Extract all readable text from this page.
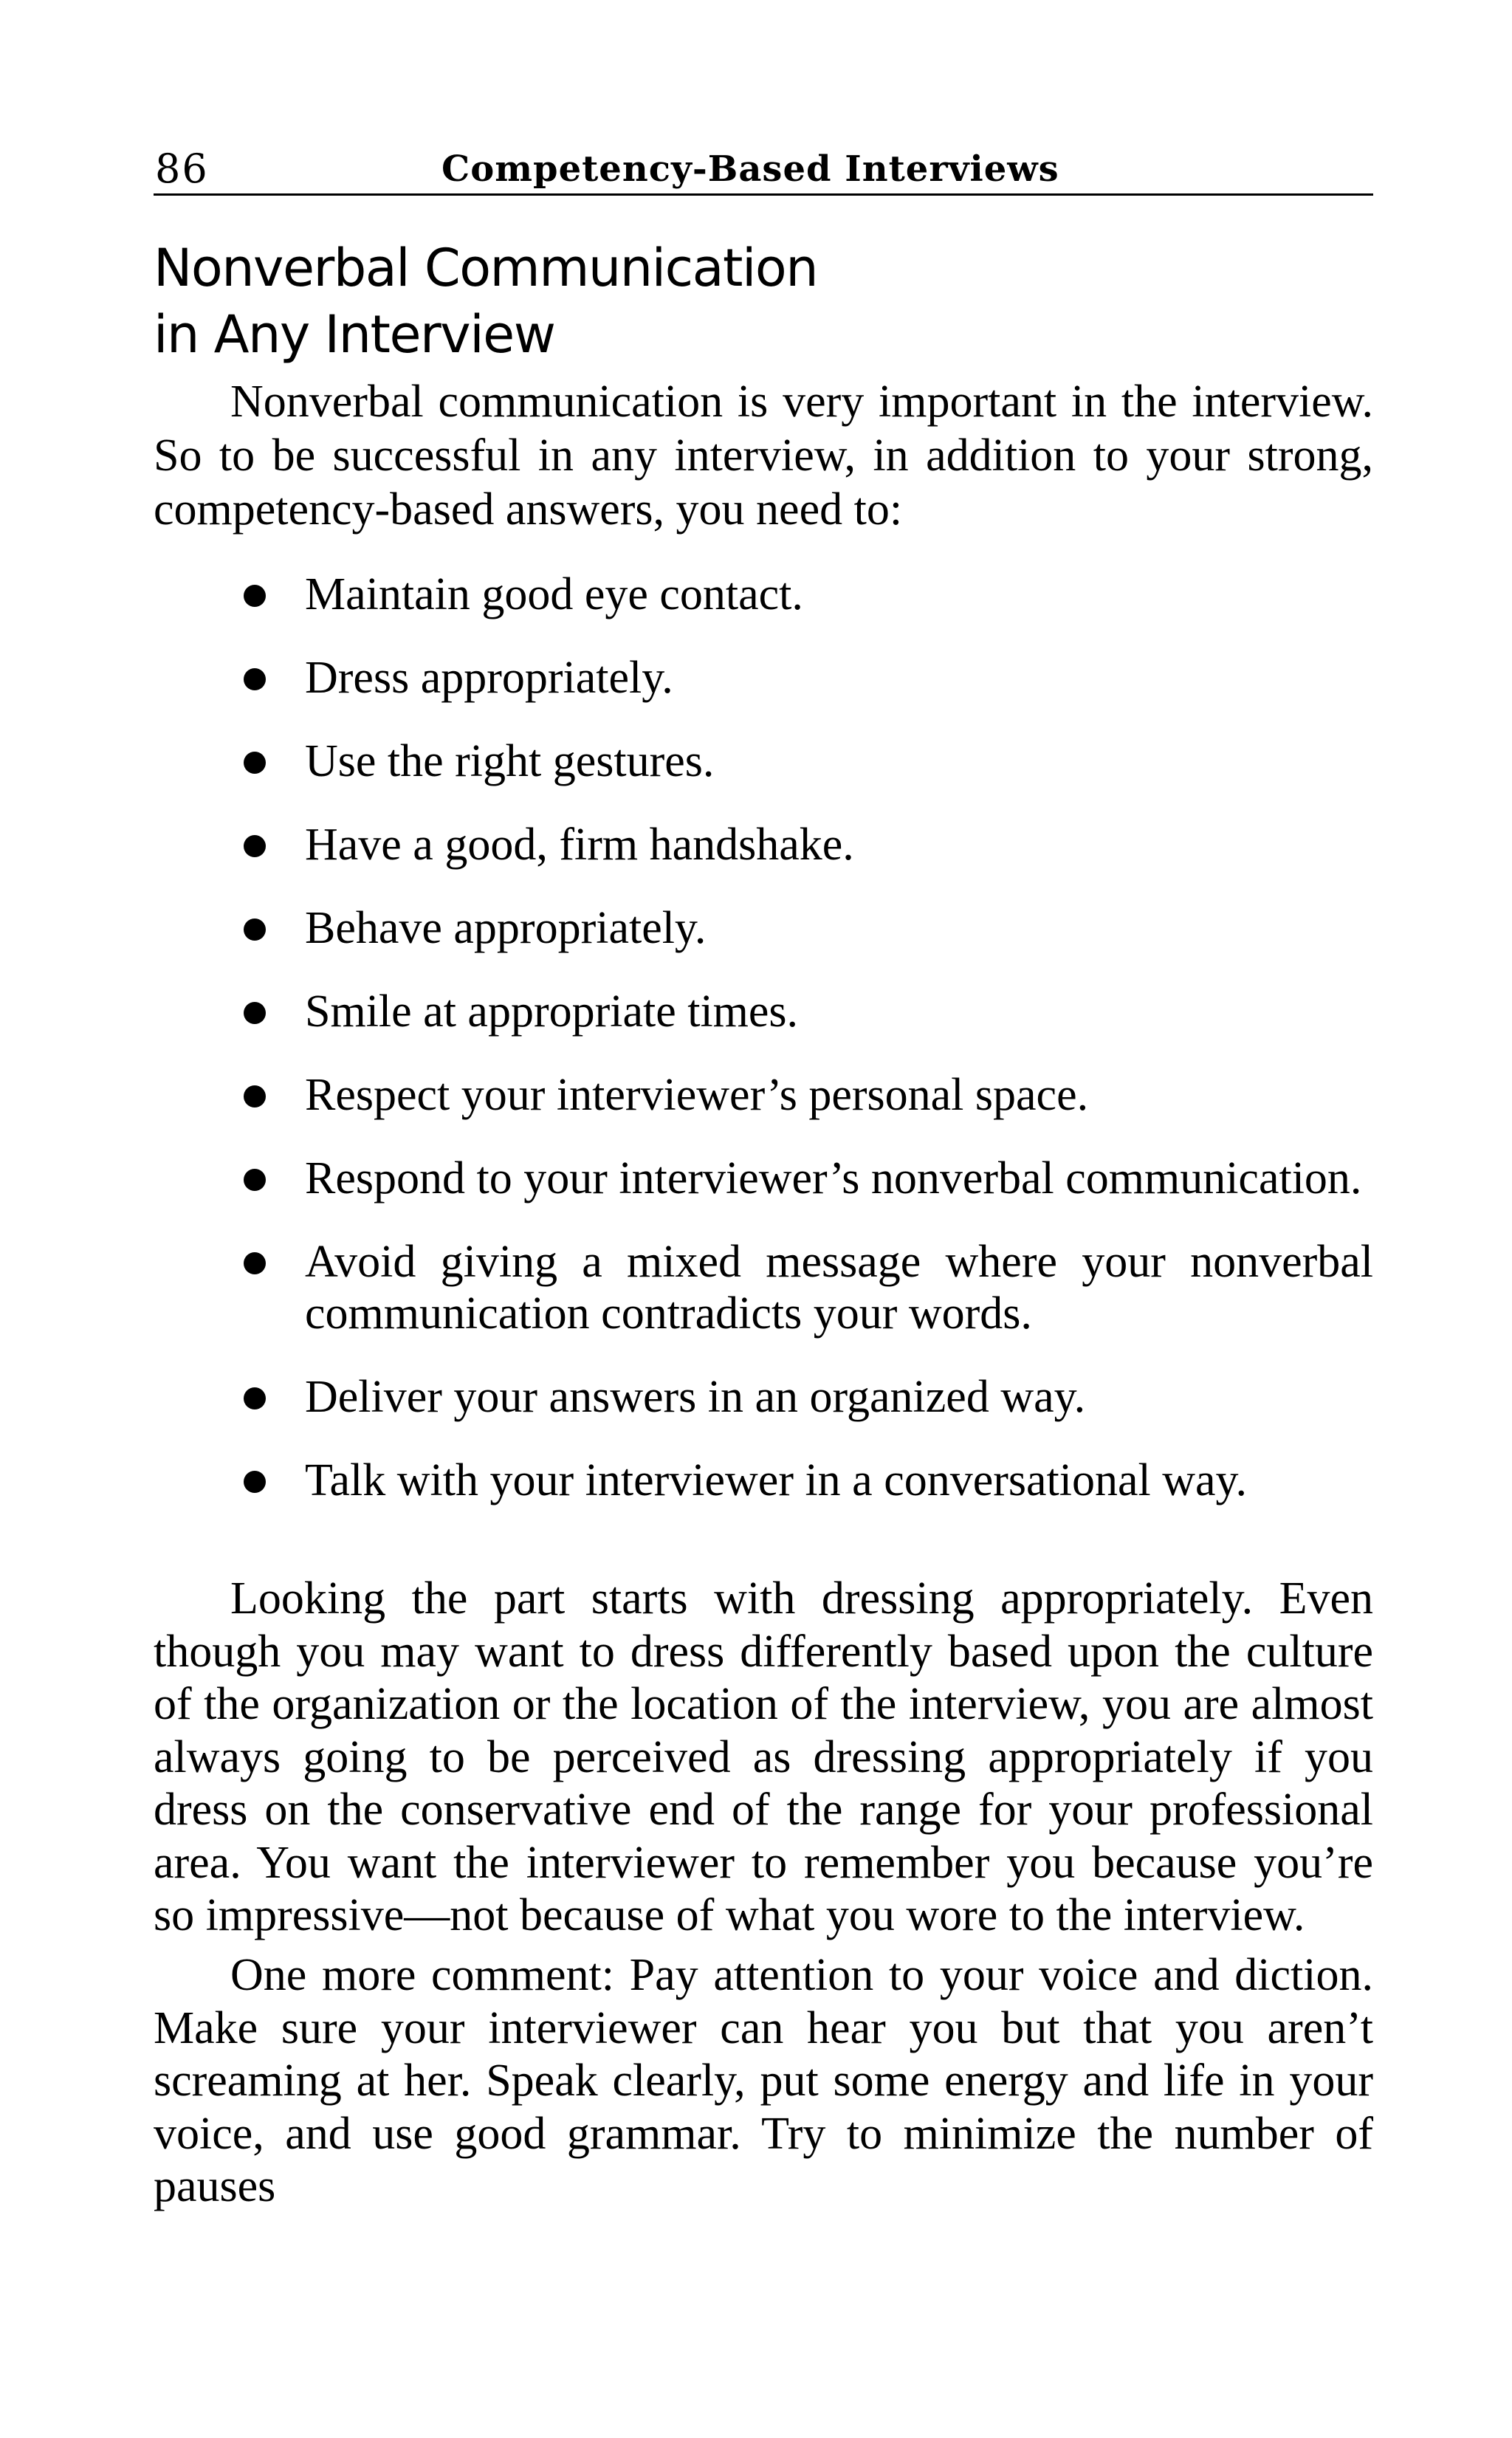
86	Competency-Based Interviews
Nonverbal Communication
in Any Interview

Nonverbal communication is very important in the interview. So to be successful in any interview, in addition to your strong, competency-based answers, you need to:

Maintain good eye contact.
Dress appropriately.
Use the right gestures.
Have a good, firm handshake.
Behave appropriately.
Smile at appropriate times.
Respect your interviewer’s personal space.
Respond to your interviewer’s nonverbal communication.
Avoid giving a mixed message where your nonverbal communication contradicts your words.
Deliver your answers in an organized way.
Talk with your interviewer in a conversational way.

Looking the part starts with dressing appropriately. Even though you may want to dress differently based upon the culture of the organization or the location of the interview, you are almost always going to be perceived as dressing appropriately if you dress on the conservative end of the range for your professional area. You want the interviewer to remember you because you’re so impressive—not because of what you wore to the interview.

One more comment: Pay attention to your voice and diction. Make sure your interviewer can hear you but that you aren’t screaming at her. Speak clearly, put some energy and life in your voice, and use good grammar. Try to minimize the number of pauses
